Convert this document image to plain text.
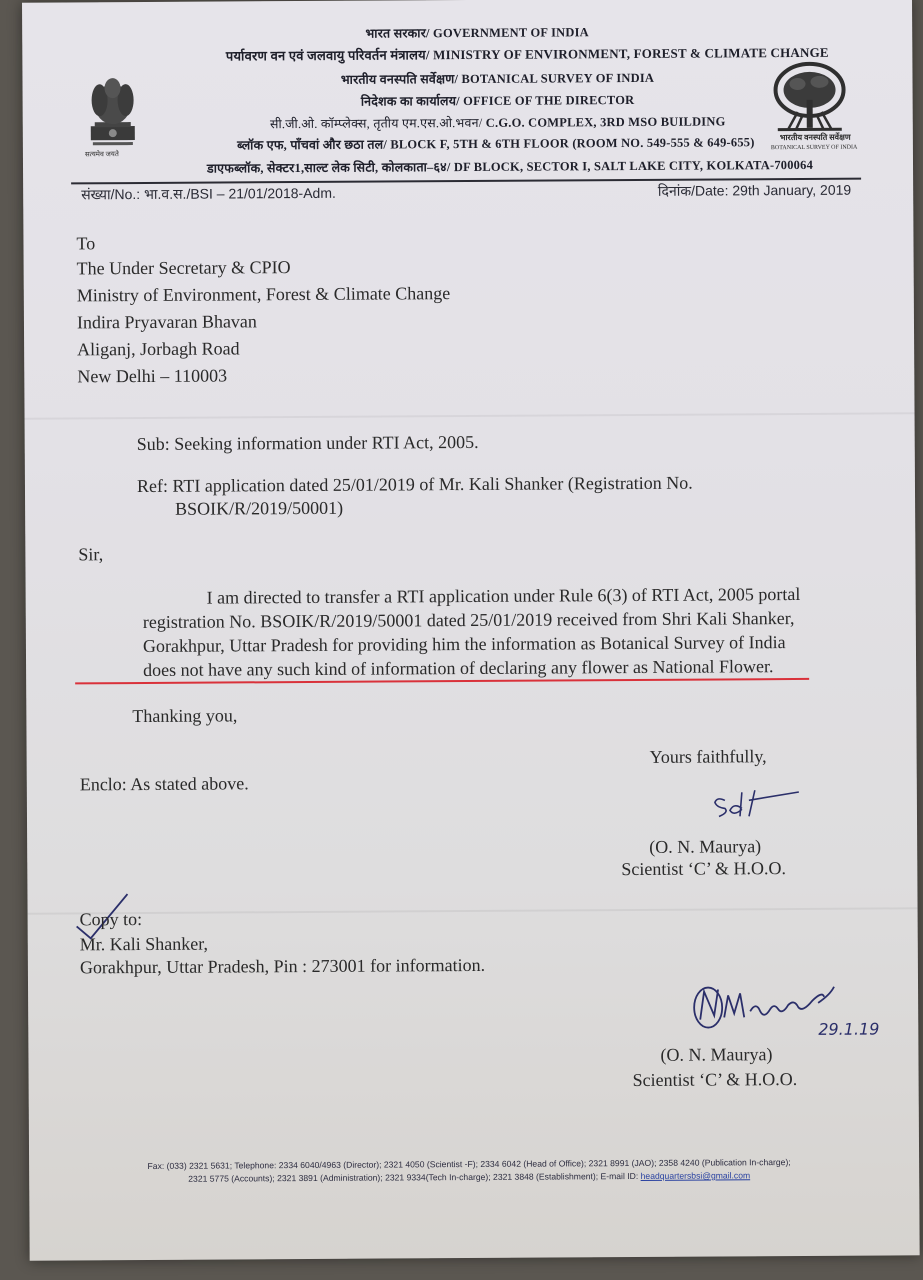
सत्यमेव जयते
भारतीय वनस्पति सर्वेक्षण
BOTANICAL SURVEY OF INDIA
भारत सरकार/ GOVERNMENT OF INDIA
पर्यावरण वन एवं जलवायु परिवर्तन मंत्रालय/ MINISTRY OF ENVIRONMENT, FOREST & CLIMATE CHANGE
भारतीय वनस्पति सर्वेक्षण/ BOTANICAL SURVEY OF INDIA
निदेशक का कार्यालय/ OFFICE OF THE DIRECTOR
सी.जी.ओ. कॉम्प्लेक्स, तृतीय एम.एस.ओ.भवन/ C.G.O. COMPLEX, 3RD MSO BUILDING
ब्लॉक एफ, पाँचवां और छठा तल/ BLOCK F, 5TH & 6TH FLOOR (ROOM NO. 549-555 & 649-655)
डाएफब्लॉक, सेक्टर1,साल्ट लेक सिटी, कोलकाता–६४/ DF BLOCK, SECTOR I, SALT LAKE CITY, KOLKATA-700064
संख्या/No.: भा.व.स./BSI – 21/01/2018-Adm.	दिनांक/Date: 29th January, 2019
To
The Under Secretary & CPIO
Ministry of Environment, Forest & Climate Change
Indira Pryavaran Bhavan
Aliganj, Jorbagh Road
New Delhi – 110003
Sub: Seeking information under RTI Act, 2005.
Ref: RTI application dated 25/01/2019 of Mr. Kali Shanker (Registration No.
BSOIK/R/2019/50001)
Sir,
I am directed to transfer a RTI application under Rule 6(3) of RTI Act, 2005 portal
registration No. BSOIK/R/2019/50001 dated 25/01/2019 received from Shri Kali Shanker,
Gorakhpur, Uttar Pradesh for providing him the information as Botanical Survey of India
does not have any such kind of information of declaring any flower as National Flower.
Thanking you,
Yours faithfully,
Enclo: As stated above.
(O. N. Maurya)
Scientist ‘C’ & H.O.O.
Copy to:
Mr. Kali Shanker,
Gorakhpur, Uttar Pradesh, Pin : 273001 for information.
29.1.19
(O. N. Maurya)
Scientist ‘C’ & H.O.O.
Fax: (033) 2321 5631; Telephone: 2334 6040/4963 (Director); 2321 4050 (Scientist -F); 2334 6042 (Head of Office); 2321 8991 (JAO); 2358 4240 (Publication In-charge);
2321 5775 (Accounts); 2321 3891 (Administration); 2321 9334(Tech In-charge); 2321 3848 (Establishment); E-mail ID: headquartersbsi@gmail.com
